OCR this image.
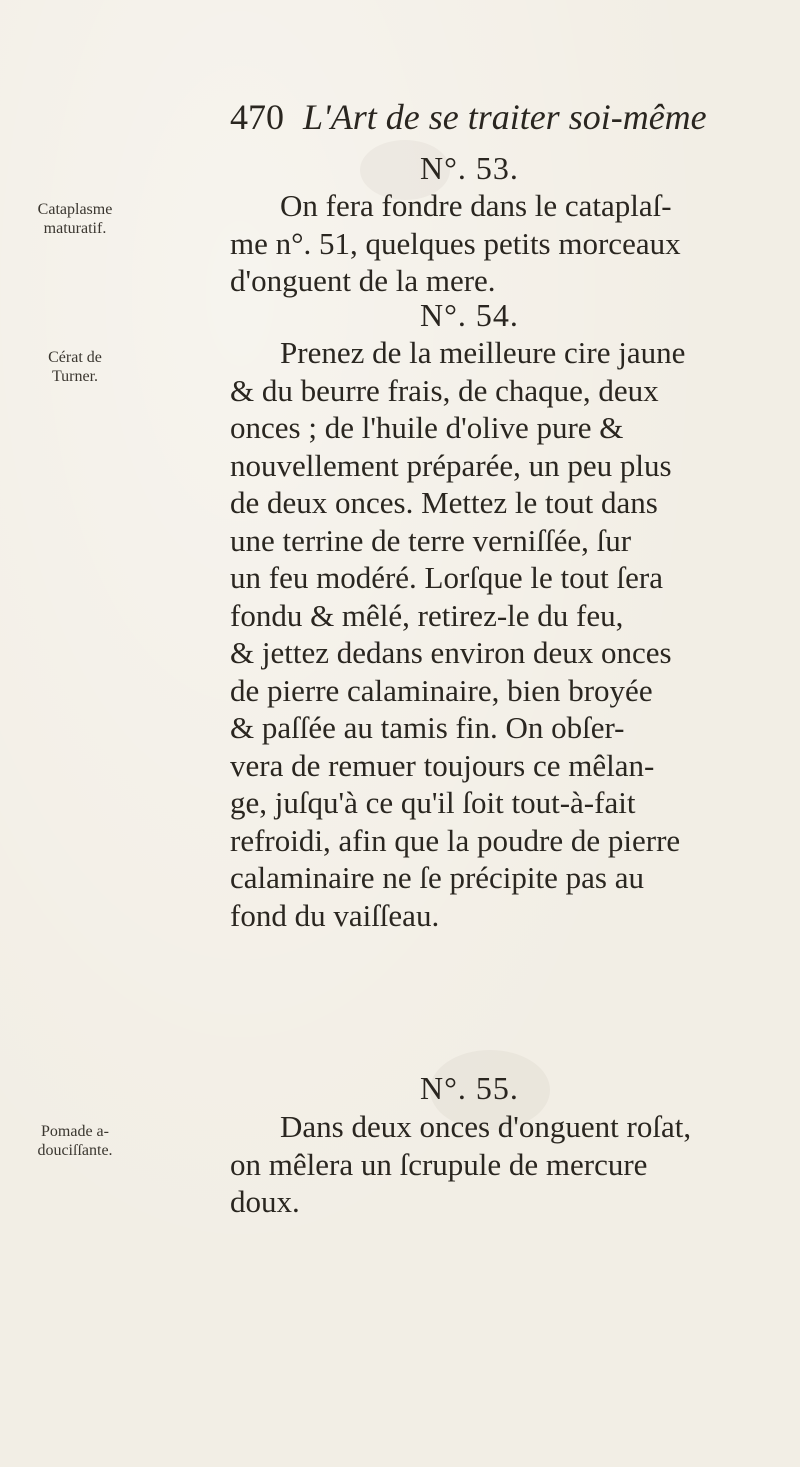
470 L'Art de se traiter soi-même
N°. 53.
Cataplasme
maturatif.
On fera fondre dans le cataplaſ-
me n°. 51, quelques petits morceaux
d'onguent de la mere.
N°. 54.
Cérat de
Turner.
Prenez de la meilleure cire jaune
& du beurre frais, de chaque, deux
onces ; de l'huile d'olive pure &
nouvellement préparée, un peu plus
de deux onces. Mettez le tout dans
une terrine de terre verniſſée, ſur
un feu modéré. Lorſque le tout ſera
fondu & mêlé, retirez-le du feu,
& jettez dedans environ deux onces
de pierre calaminaire, bien broyée
& paſſée au tamis fin. On obſer-
vera de remuer toujours ce mêlan-
ge, juſqu'à ce qu'il ſoit tout-à-fait
refroidi, afin que la poudre de pierre
calaminaire ne ſe précipite pas au
fond du vaiſſeau.
N°. 55.
Pomade a-
douciſſante.
Dans deux onces d'onguent roſat,
on mêlera un ſcrupule de mercure
doux.
